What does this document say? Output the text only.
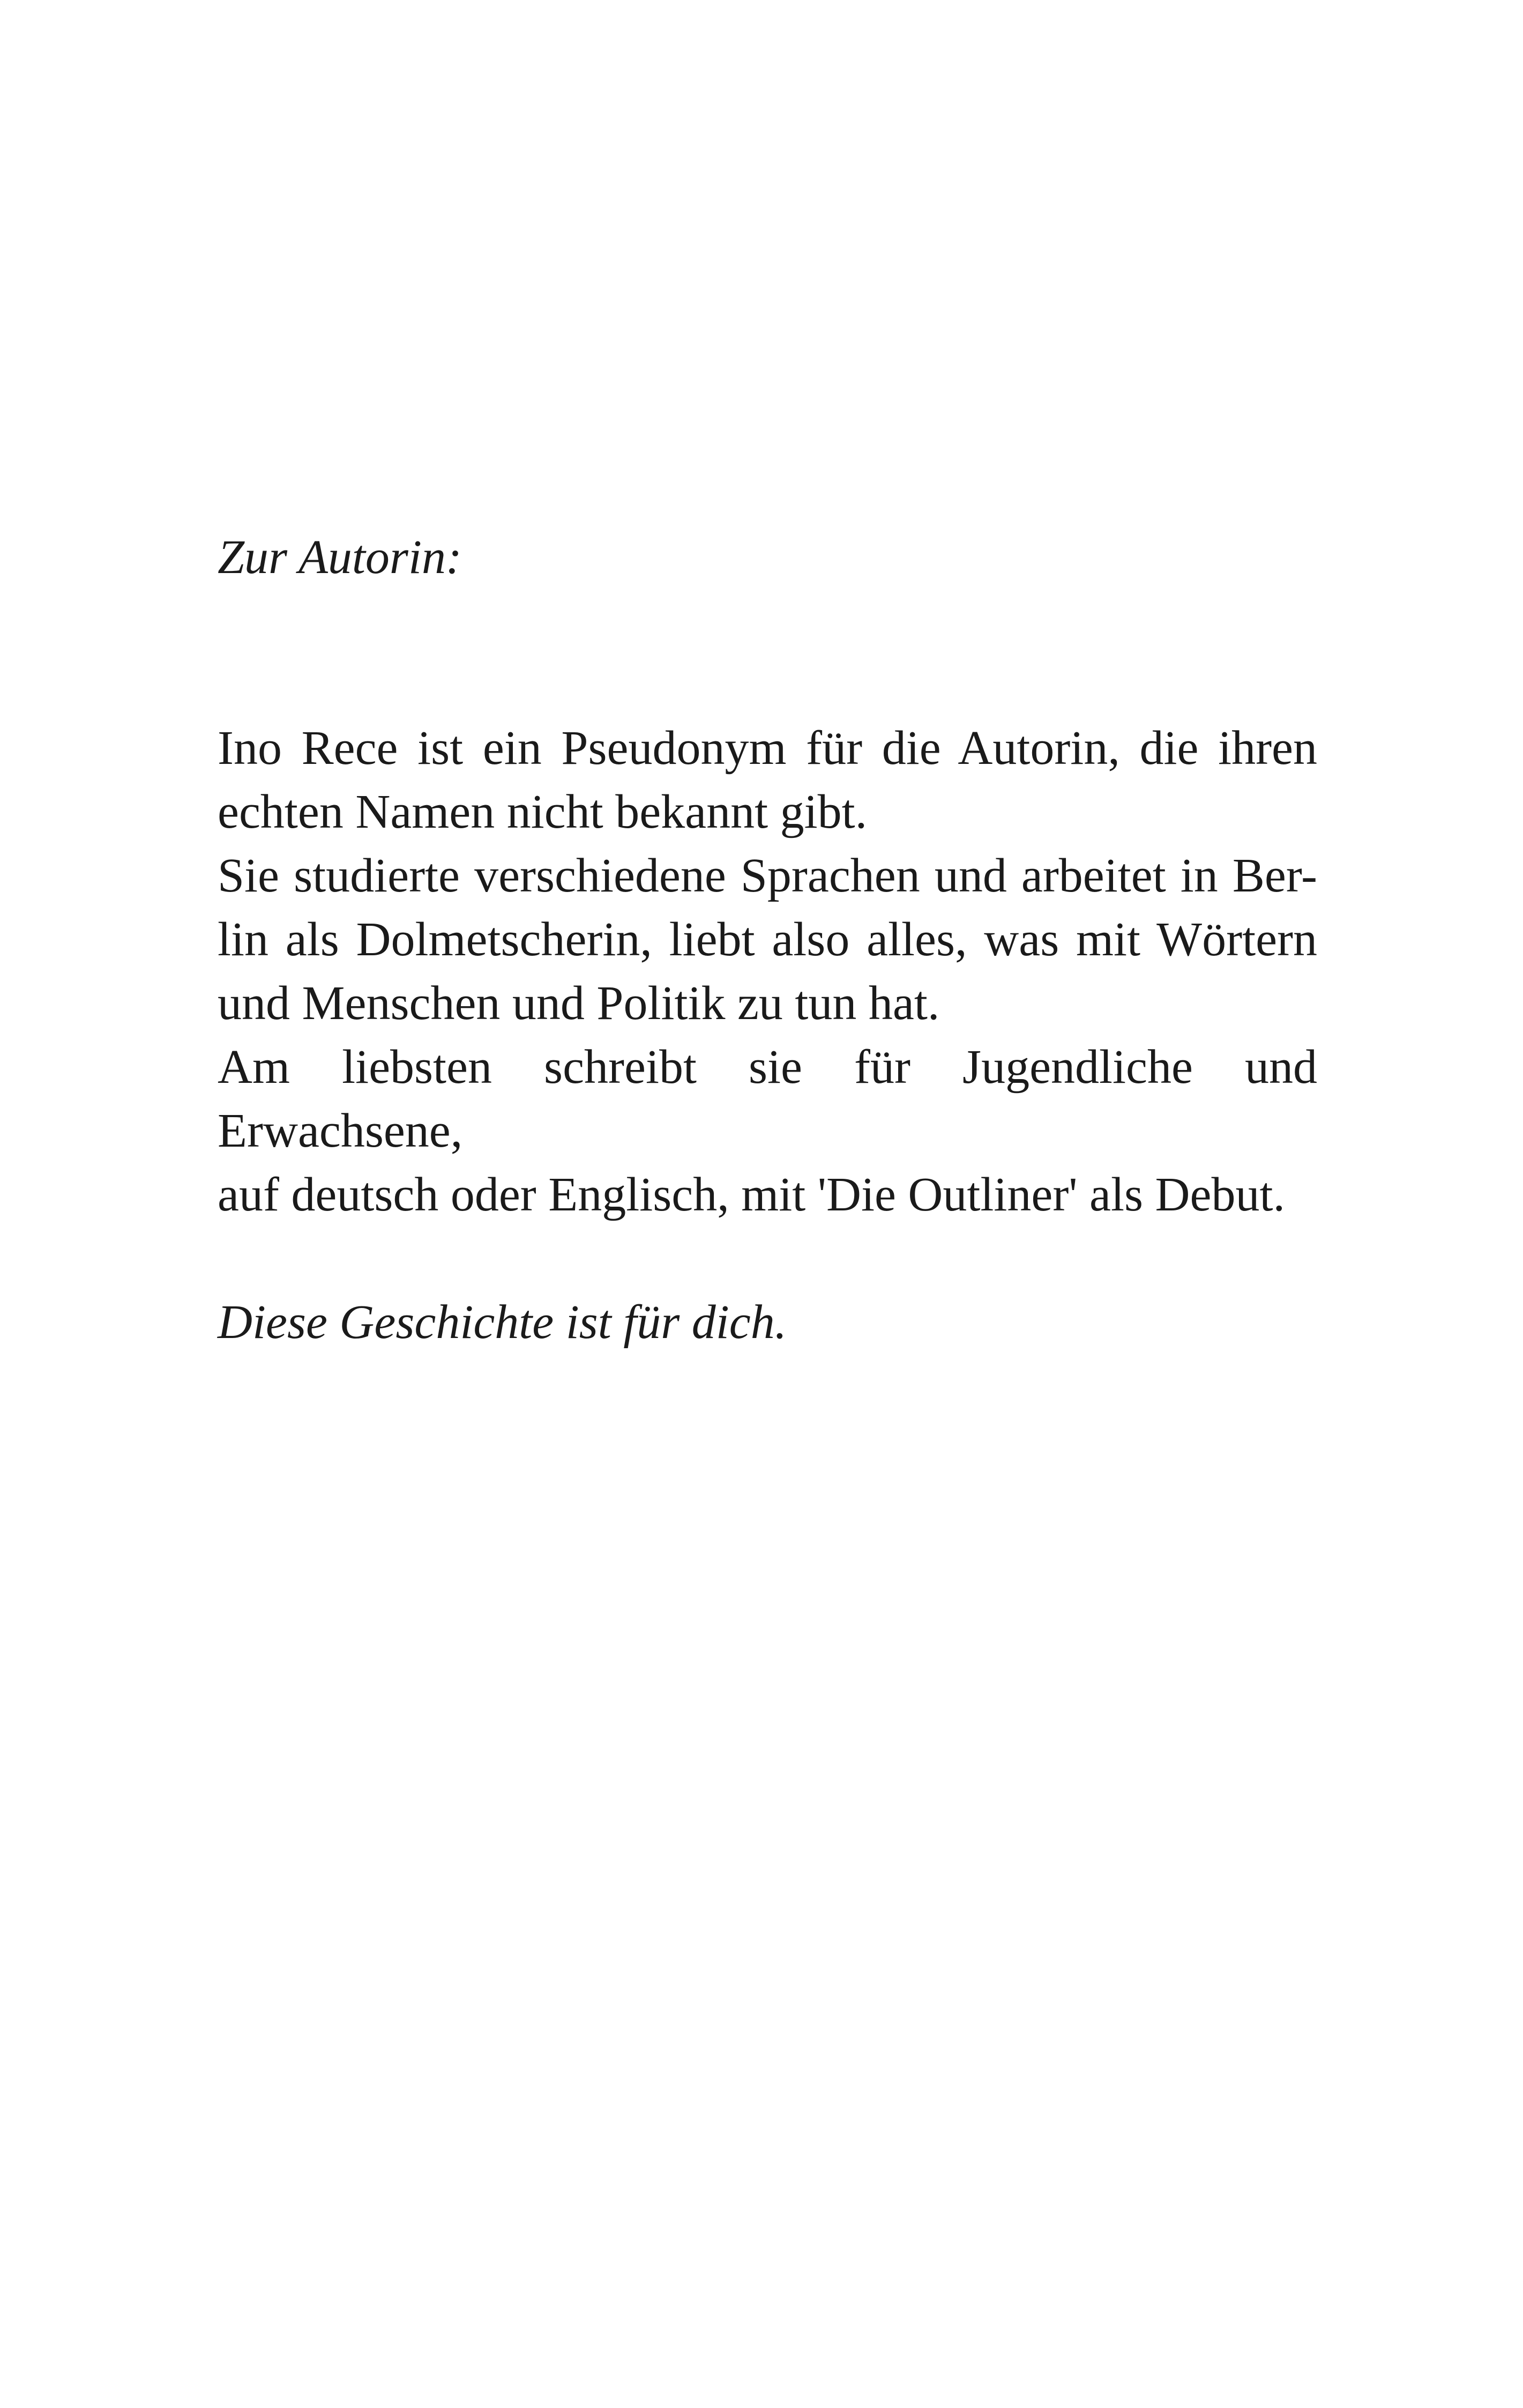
Zur Autorin:
Ino Rece ist ein Pseudonym für die Autorin, die ihren
echten Namen nicht bekannt gibt.
Sie studierte verschiedene Sprachen und arbeitet in Ber-
lin als Dolmetscherin, liebt also alles, was mit Wörtern
und Menschen und Politik zu tun hat.
Am liebsten schreibt sie für Jugendliche und Erwachsene,
auf deutsch oder Englisch, mit 'Die Outliner' als Debut.
Diese Geschichte ist für dich.
